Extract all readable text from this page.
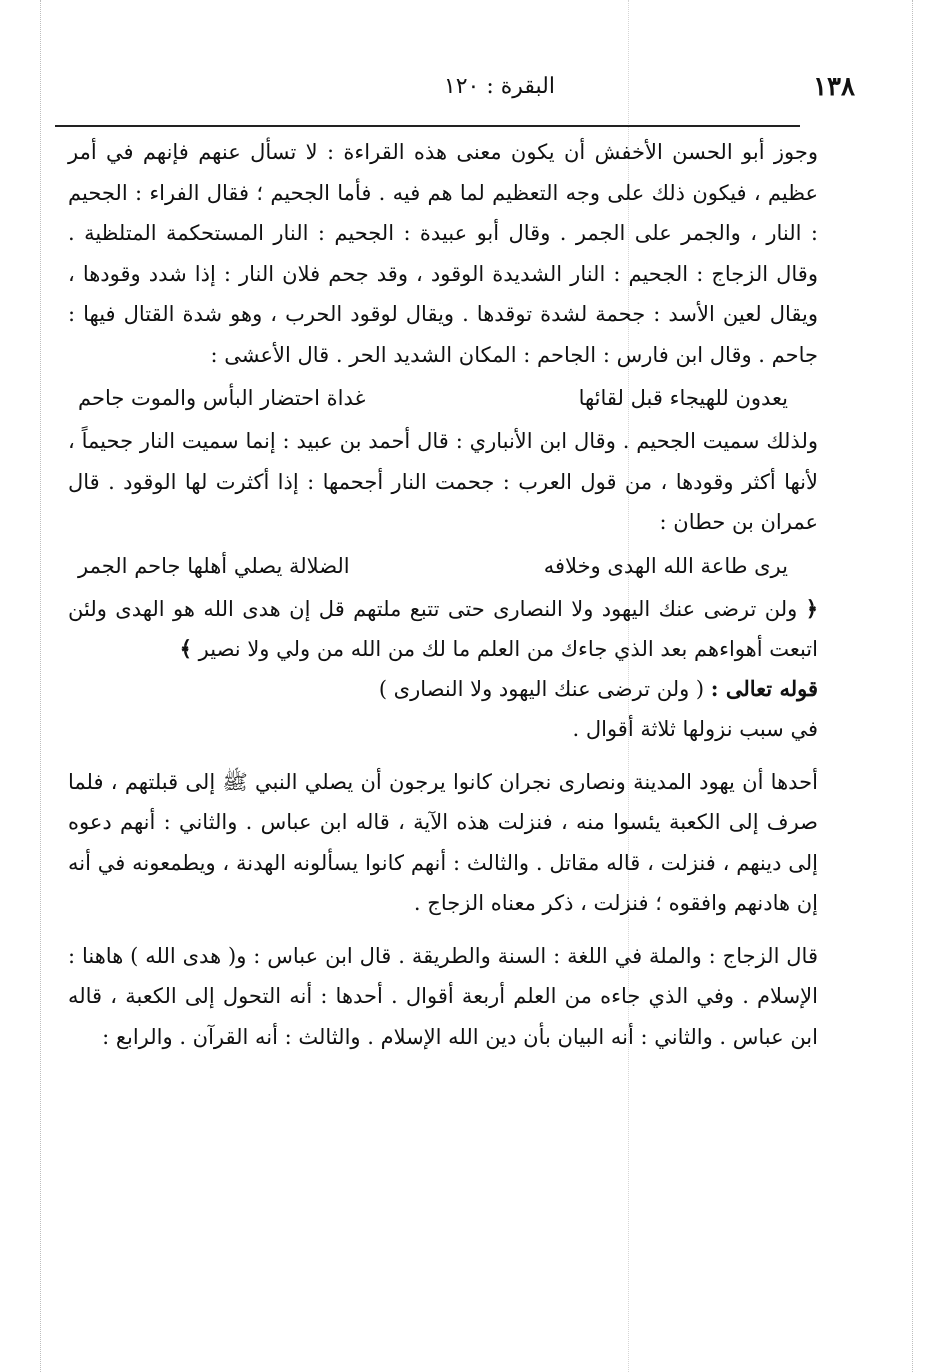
١٣٨
البقرة : ١٢٠

وجوز أبو الحسن الأخفش أن يكون معنى هذه القراءة : لا تسأل عنهم فإنهم في أمر عظيم ، فيكون ذلك على وجه التعظيم لما هم فيه . فأما الجحيم ؛ فقال الفراء : الجحيم : النار ، والجمر على الجمر . وقال أبو عبيدة : الجحيم : النار المستحكمة المتلظية . وقال الزجاج : الجحيم : النار الشديدة الوقود ، وقد جحم فلان النار : إذا شدد وقودها ، ويقال لعين الأسد : جحمة لشدة توقدها . ويقال لوقود الحرب ، وهو شدة القتال فيها : جاحم . وقال ابن فارس : الجاحم : المكان الشديد الحر . قال الأعشى :

يعدون للهيجاء قبل لقائها
غداة احتضار البأس والموت جاحم

ولذلك سميت الجحيم . وقال ابن الأنباري : قال أحمد بن عبيد : إنما سميت النار جحيماً ، لأنها أكثر وقودها ، من قول العرب : جحمت النار أجحمها : إذا أكثرت لها الوقود . قال عمران بن حطان :

يرى طاعة الله الهدى وخلافه
الضلالة يصلي أهلها جاحم الجمر

﴿ ولن ترضى عنك اليهود ولا النصارى حتى تتبع ملتهم قل إن هدى الله هو الهدى ولئن اتبعت أهواءهم بعد الذي جاءك من العلم ما لك من الله من ولي ولا نصير ﴾

قوله تعالى : ( ولن ترضى عنك اليهود ولا النصارى )

في سبب نزولها ثلاثة أقوال .

أحدها أن يهود المدينة ونصارى نجران كانوا يرجون أن يصلي النبي ﷺ إلى قبلتهم ، فلما صرف إلى الكعبة يئسوا منه ، فنزلت هذه الآية ، قاله ابن عباس . والثاني : أنهم دعوه إلى دينهم ، فنزلت ، قاله مقاتل . والثالث : أنهم كانوا يسألونه الهدنة ، ويطمعونه في أنه إن هادنهم وافقوه ؛ فنزلت ، ذكر معناه الزجاج .

قال الزجاج : والملة في اللغة : السنة والطريقة . قال ابن عباس : و( هدى الله ) هاهنا : الإسلام . وفي الذي جاءه من العلم أربعة أقوال . أحدها : أنه التحول إلى الكعبة ، قاله ابن عباس . والثاني : أنه البيان بأن دين الله الإسلام . والثالث : أنه القرآن . والرابع :
